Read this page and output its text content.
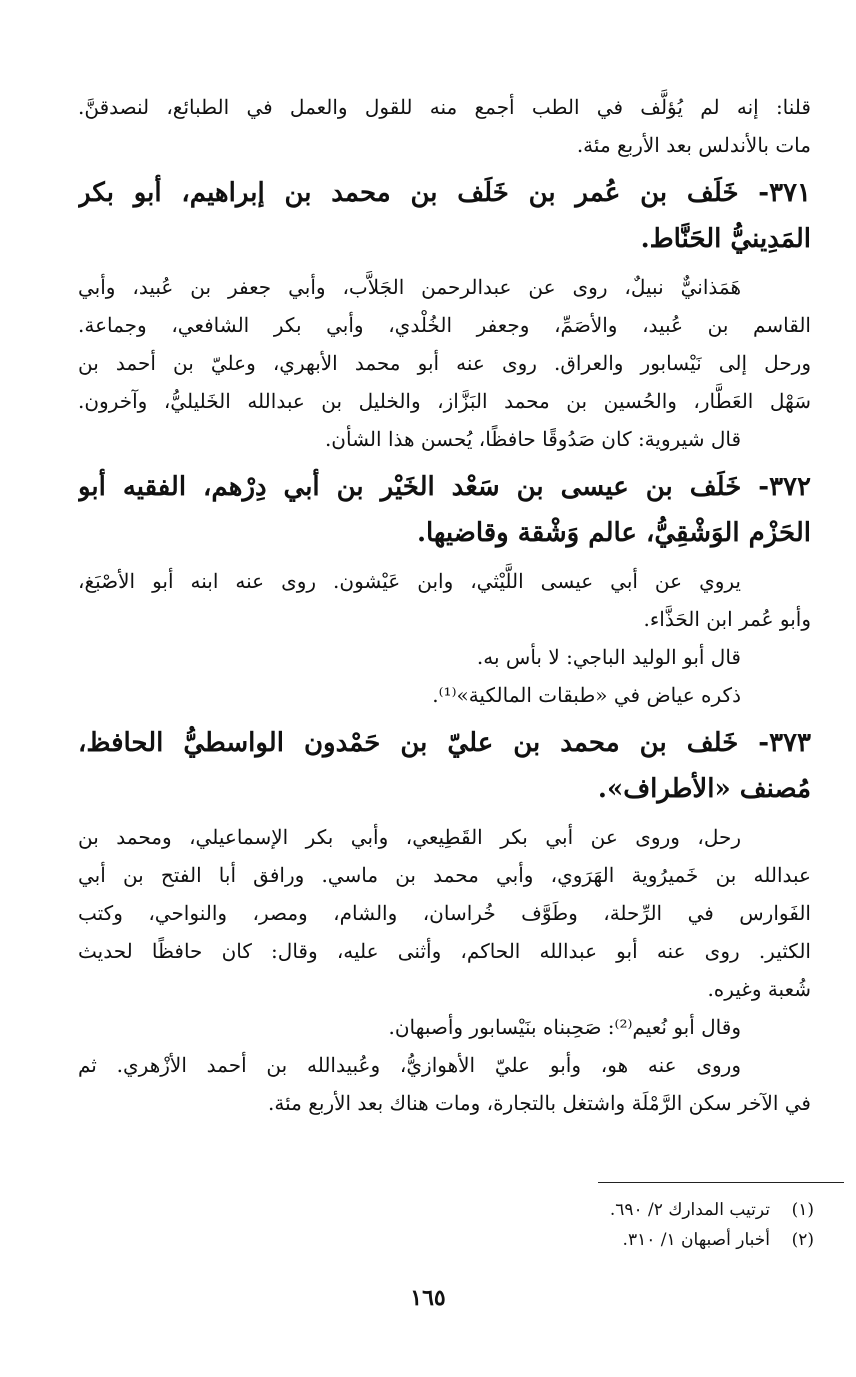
قلنا: إنه لم يُؤلَّف في الطب أجمع منه للقول والعمل في الطبائع، لنصدقنَّ.
مات بالأندلس بعد الأربع مئة.
٣٧١- خَلَف بن عُمر بن خَلَف بن محمد بن إبراهيم، أبو بكر
المَدِينيُّ الحَنَّاط.
هَمَذانيٌّ نبيلٌ، روى عن عبدالرحمن الجَلاَّب، وأبي جعفر بن عُبيد، وأبي
القاسم بن عُبيد، والأصَمِّ، وجعفر الخُلْدي، وأبي بكر الشافعي، وجماعة.
ورحل إلى نَيْسابور والعراق. روى عنه أبو محمد الأبهري، وعليّ بن أحمد بن
سَهْل العَطَّار، والحُسين بن محمد البَزَّاز، والخليل بن عبدالله الخَليليُّ، وآخرون.
قال شيروية: كان صَدُوقًا حافظًا، يُحسن هذا الشأن.
٣٧٢- خَلَف بن عيسى بن سَعْد الخَيْر بن أبي دِرْهم، الفقيه أبو
الحَزْم الوَشْقِيُّ، عالم وَشْقة وقاضيها.
يروي عن أبي عيسى اللَّيْثي، وابن عَيْشون. روى عنه ابنه أبو الأصْبَغ،
وأبو عُمر ابن الحَذَّاء.
قال أبو الوليد الباجي: لا بأس به.
ذكره عياض في «طبقات المالكية»⁽¹⁾.
٣٧٣- خَلف بن محمد بن عليّ بن حَمْدون الواسطيُّ الحافظ،
مُصنف «الأطراف».
رحل، وروى عن أبي بكر القَطِيعي، وأبي بكر الإسماعيلي، ومحمد بن
عبدالله بن خَميرُوية الهَرَوي، وأبي محمد بن ماسي. ورافق أبا الفتح بن أبي
الفَوارس في الرِّحلة، وطَوَّف خُراسان، والشام، ومصر، والنواحي، وكتب
الكثير. روى عنه أبو عبدالله الحاكم، وأثنى عليه، وقال: كان حافظًا لحديث
شُعبة وغيره.
وقال أبو نُعيم⁽²⁾: صَحِبناه بنَيْسابور وأصبهان.
وروى عنه هو، وأبو عليّ الأهوازيُّ، وعُبيدالله بن أحمد الأزْهري. ثم
في الآخر سكن الرَّمْلَة واشتغل بالتجارة، ومات هناك بعد الأربع مئة.
(١)ترتيب المدارك ٢/ ٦٩٠.
(٢)أخبار أصبهان ١/ ٣١٠.
١٦٥
